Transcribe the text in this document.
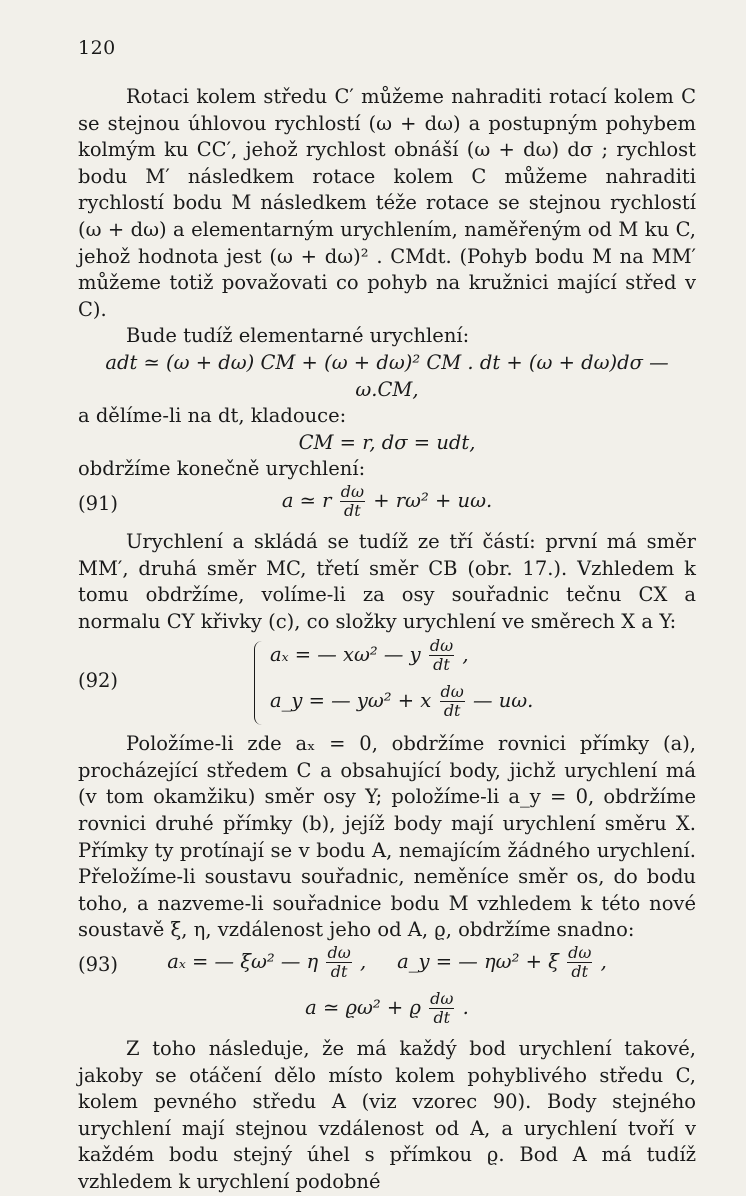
120

Rotaci kolem středu C′ můžeme nahraditi rotací kolem C se stejnou úhlovou rychlostí (ω + dω) a postupným pohybem kolmým ku CC′, jehož rychlost obnáší (ω + dω) dσ ; rychlost bodu M′ následkem rotace kolem C můžeme nahraditi rychlostí bodu M následkem téže rotace se stejnou rychlostí (ω + dω) a elementarným urychlením, naměřeným od M ku C, jehož hodnota jest (ω + dω)² . CMdt. (Pohyb bodu M na MM′ můžeme totiž považovati co pohyb na kružnici mající střed v C).

Bude tudíž elementarné urychlení:

adt ≃ (ω + dω) CM + (ω + dω)² CM . dt + (ω + dω)dσ — ω.CM,

a dělíme-li na dt, kladouce:

CM = r, dσ = udt,

obdržíme konečně urychlení:

(91)	a ≃ r $\frac{d\omega}{dt} + r\omega^2 + u\omega$.

Urychlení a skládá se tudíž ze tří částí: první má směr MM′, druhá směr MC, třetí směr CB (obr. 17.). Vzhledem k tomu obdržíme, volíme-li za osy souřadnic tečnu CX a normalu CY křivky (c), co složky urychlení ve směrech X a Y:

(92)
aₓ = — xω² — y $\frac{d\omega}{dt}$ ,
a_y = — yω² + x $\frac{d\omega}{dt}$ — uω.

Položíme-li zde aₓ = 0, obdržíme rovnici přímky (a), procházející středem C a obsahující body, jichž urychlení má (v tom okamžiku) směr osy Y; položíme-li a_y = 0, obdržíme rovnici druhé přímky (b), jejíž body mají urychlení směru X. Přímky ty protínají se v bodu A, nemajícím žádného urychlení. Přeložíme-li soustavu souřadnic, neměníce směr os, do bodu toho, a nazveme-li souřadnice bodu M vzhledem k této nové soustavě ξ, η, vzdálenost jeho od A, ϱ, obdržíme snadno:

(93)	aₓ = — ξω² — η $\frac{d\omega}{dt}$ , a_y = — ηω² + ξ $\frac{d\omega}{dt}$ ,
a ≃ ϱω² + ϱ $\frac{d\omega}{dt}$ .

Z toho následuje, že má každý bod urychlení takové, jakoby se otáčení dělo místo kolem pohyblivého středu C, kolem pevného středu A (viz vzorec 90). Body stejného urychlení mají stejnou vzdálenost od A, a urychlení tvoří v každém bodu stejný úhel s přímkou ϱ. Bod A má tudíž vzhledem k urychlení podobné
